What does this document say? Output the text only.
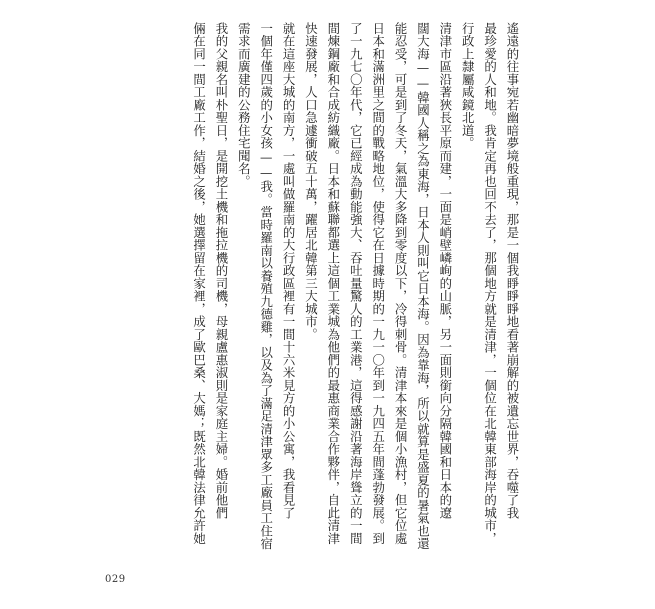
遙遠的往事宛若幽暗夢境般重現，那是一個我睜睜睜地看著崩解的被遺忘世界，吞噬了我
最珍愛的人和地。我肯定再也回不去了，那個地方就是清津，一個位在北韓東部海岸的城市，
行政上隸屬咸鏡北道。
清津市區沿著狹長平原而建，一面是峭壁嶙峋的山脈，另一面則銜向分隔韓國和日本的遼
闊大海——韓國人稱之為東海，日本人則叫它日本海。因為靠海，所以就算是盛夏的暑氣也還
能忍受，可是到了冬天，氣溫大多降到零度以下，冷得刺骨。清津本來是個小漁村，但它位處
日本和滿洲里之間的戰略地位，使得它在日據時期的一九一〇年到一九四五年間蓬勃發展。到
了一九七〇年代，它已經成為動能強大、吞吐量驚人的工業港，這得感謝沿著海岸聳立的一間
間煉鋼廠和合成紡織廠。日本和蘇聯都選上這個工業城為他們的最惠商業合作夥伴，自此清津
快速發展，人口急遽衝破五十萬，躍居北韓第三大城市。
就在這座大城的南方，一處叫做羅南的大行政區裡有一間十六米見方的小公寓，我看見了
一個年僅四歲的小女孩——我。當時羅南以養殖九德雞，以及為了滿足清津眾多工廠員工住宿
需求而廣建的公務住宅聞名。
我的父親名叫朴聖日，是開挖土機和拖拉機的司機，母親盧惠淑則是家庭主婦。婚前他們
倆在同一間工廠工作，結婚之後，她選擇留在家裡，成了歐巴桑、大媽；既然北韓法律允許她
029
